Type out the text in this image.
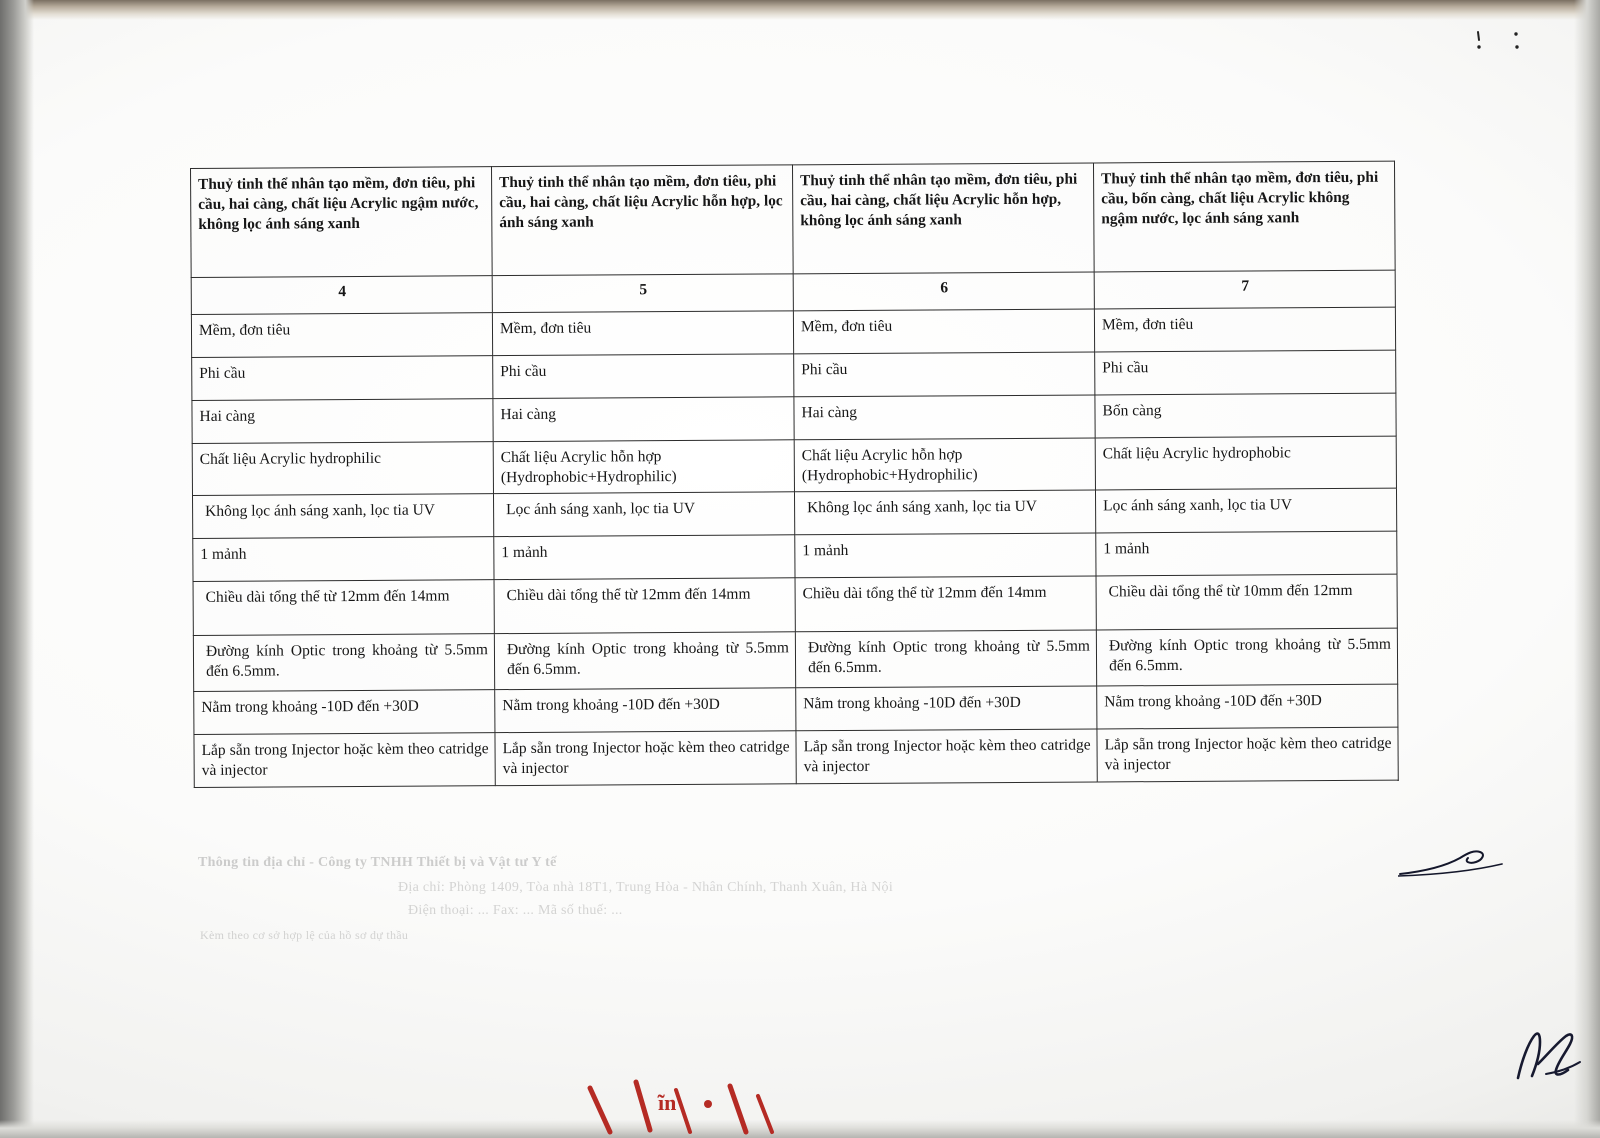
Thông tin địa chỉ - Công ty TNHH Thiết bị và Vật tư Y tế
Địa chỉ: Phòng 1409, Tòa nhà 18T1, Trung Hòa - Nhân Chính, Thanh Xuân, Hà Nội
Điện thoại: ... Fax: ... Mã số thuế: ...
Kèm theo cơ sở hợp lệ của hồ sơ dự thầu

Thuỷ tinh thể nhân tạo mềm, đơn tiêu, phi cầu, hai càng, chất liệu Acrylic ngậm nước, không lọc ánh sáng xanh	Thuỷ tinh thể nhân tạo mềm, đơn tiêu, phi cầu, hai càng, chất liệu Acrylic hỗn hợp, lọc ánh sáng xanh	Thuỷ tinh thể nhân tạo mềm, đơn tiêu, phi cầu, hai càng, chất liệu Acrylic hỗn hợp, không lọc ánh sáng xanh	Thuỷ tinh thể nhân tạo mềm, đơn tiêu, phi cầu, bốn càng, chất liệu Acrylic không ngậm nước, lọc ánh sáng xanh
4	5	6	7
Mềm, đơn tiêu	Mềm, đơn tiêu	Mềm, đơn tiêu	Mềm, đơn tiêu
Phi cầu	Phi cầu	Phi cầu	Phi cầu
Hai càng	Hai càng	Hai càng	Bốn càng
Chất liệu Acrylic hydrophilic	Chất liệu Acrylic hỗn hợp (Hydrophobic+Hydrophilic)	Chất liệu Acrylic hỗn hợp (Hydrophobic+Hydrophilic)	Chất liệu Acrylic hydrophobic
Không lọc ánh sáng xanh, lọc tia UV	Lọc ánh sáng xanh, lọc tia UV	Không lọc ánh sáng xanh, lọc tia UV	Lọc ánh sáng xanh, lọc tia UV
1 mảnh	1 mảnh	1 mảnh	1 mảnh
Chiều dài tổng thể từ 12mm đến 14mm	Chiều dài tổng thể từ 12mm đến 14mm	Chiều dài tổng thể từ 12mm đến 14mm	Chiều dài tổng thể từ 10mm đến 12mm
Đường kính Optic trong khoảng từ 5.5mm đến 6.5mm.	Đường kính Optic trong khoảng từ 5.5mm đến 6.5mm.	Đường kính Optic trong khoảng từ 5.5mm đến 6.5mm.	Đường kính Optic trong khoảng từ 5.5mm đến 6.5mm.
Nằm trong khoảng -10D đến +30D	Nằm trong khoảng -10D đến +30D	Nằm trong khoảng -10D đến +30D	Nằm trong khoảng -10D đến +30D
Lắp sẵn trong Injector hoặc kèm theo catridge và injector	Lắp sẵn trong Injector hoặc kèm theo catridge và injector	Lắp sẵn trong Injector hoặc kèm theo catridge và injector	Lắp sẵn trong Injector hoặc kèm theo catridge và injector
ĩn
